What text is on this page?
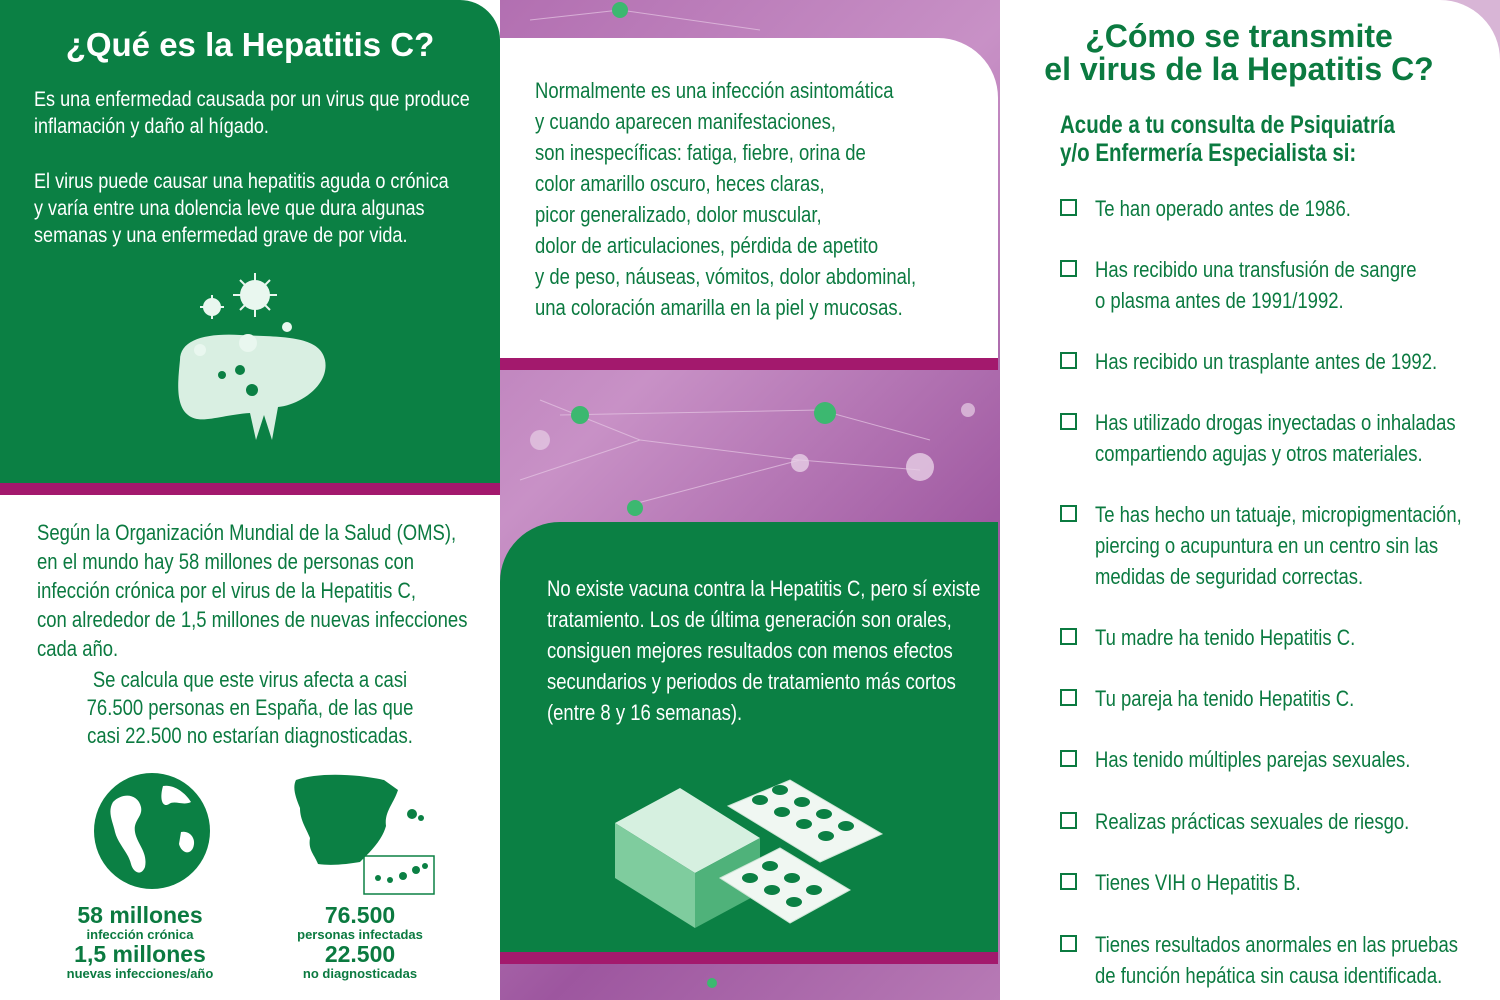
¿Qué es la Hepatitis C?
Es una enfermedad causada por un virus que produce
inflamación y daño al hígado.
El virus puede causar una hepatitis aguda o crónica
y varía entre una dolencia leve que dura algunas
semanas y una enfermedad grave de por vida.
Según la Organización Mundial de la Salud (OMS),
en el mundo hay 58 millones de personas con
infección crónica por el virus de la Hepatitis C,
con alrededor de 1,5 millones de nuevas infecciones
cada año.
Se calcula que este virus afecta a casi
76.500 personas en España, de las que
casi 22.500 no estarían diagnosticadas.
58 millones
infección crónica
1,5 millones
nuevas infecciones/año
76.500
personas infectadas
22.500
no diagnosticadas
Normalmente es una infección asintomática
y cuando aparecen manifestaciones,
son inespecíficas: fatiga, fiebre, orina de
color amarillo oscuro, heces claras,
picor generalizado, dolor muscular,
dolor de articulaciones, pérdida de apetito
y de peso, náuseas, vómitos, dolor abdominal,
una coloración amarilla en la piel y mucosas.
No existe vacuna contra la Hepatitis C, pero sí existe
tratamiento. Los de última generación son orales,
consiguen mejores resultados con menos efectos
secundarios y periodos de tratamiento más cortos
(entre 8 y 16 semanas).
¿Cómo se transmite
el virus de la Hepatitis C?
Acude a tu consulta de Psiquiatría
y/o Enfermería Especialista si:
Te han operado antes de 1986.
Has recibido una transfusión de sangre
o plasma antes de 1991/1992.
Has recibido un trasplante antes de 1992.
Has utilizado drogas inyectadas o inhaladas
compartiendo agujas y otros materiales.
Te has hecho un tatuaje, micropigmentación,
piercing o acupuntura en un centro sin las
medidas de seguridad correctas.
Tu madre ha tenido Hepatitis C.
Tu pareja ha tenido Hepatitis C.
Has tenido múltiples parejas sexuales.
Realizas prácticas sexuales de riesgo.
Tienes VIH o Hepatitis B.
Tienes resultados anormales en las pruebas
de función hepática sin causa identificada.
